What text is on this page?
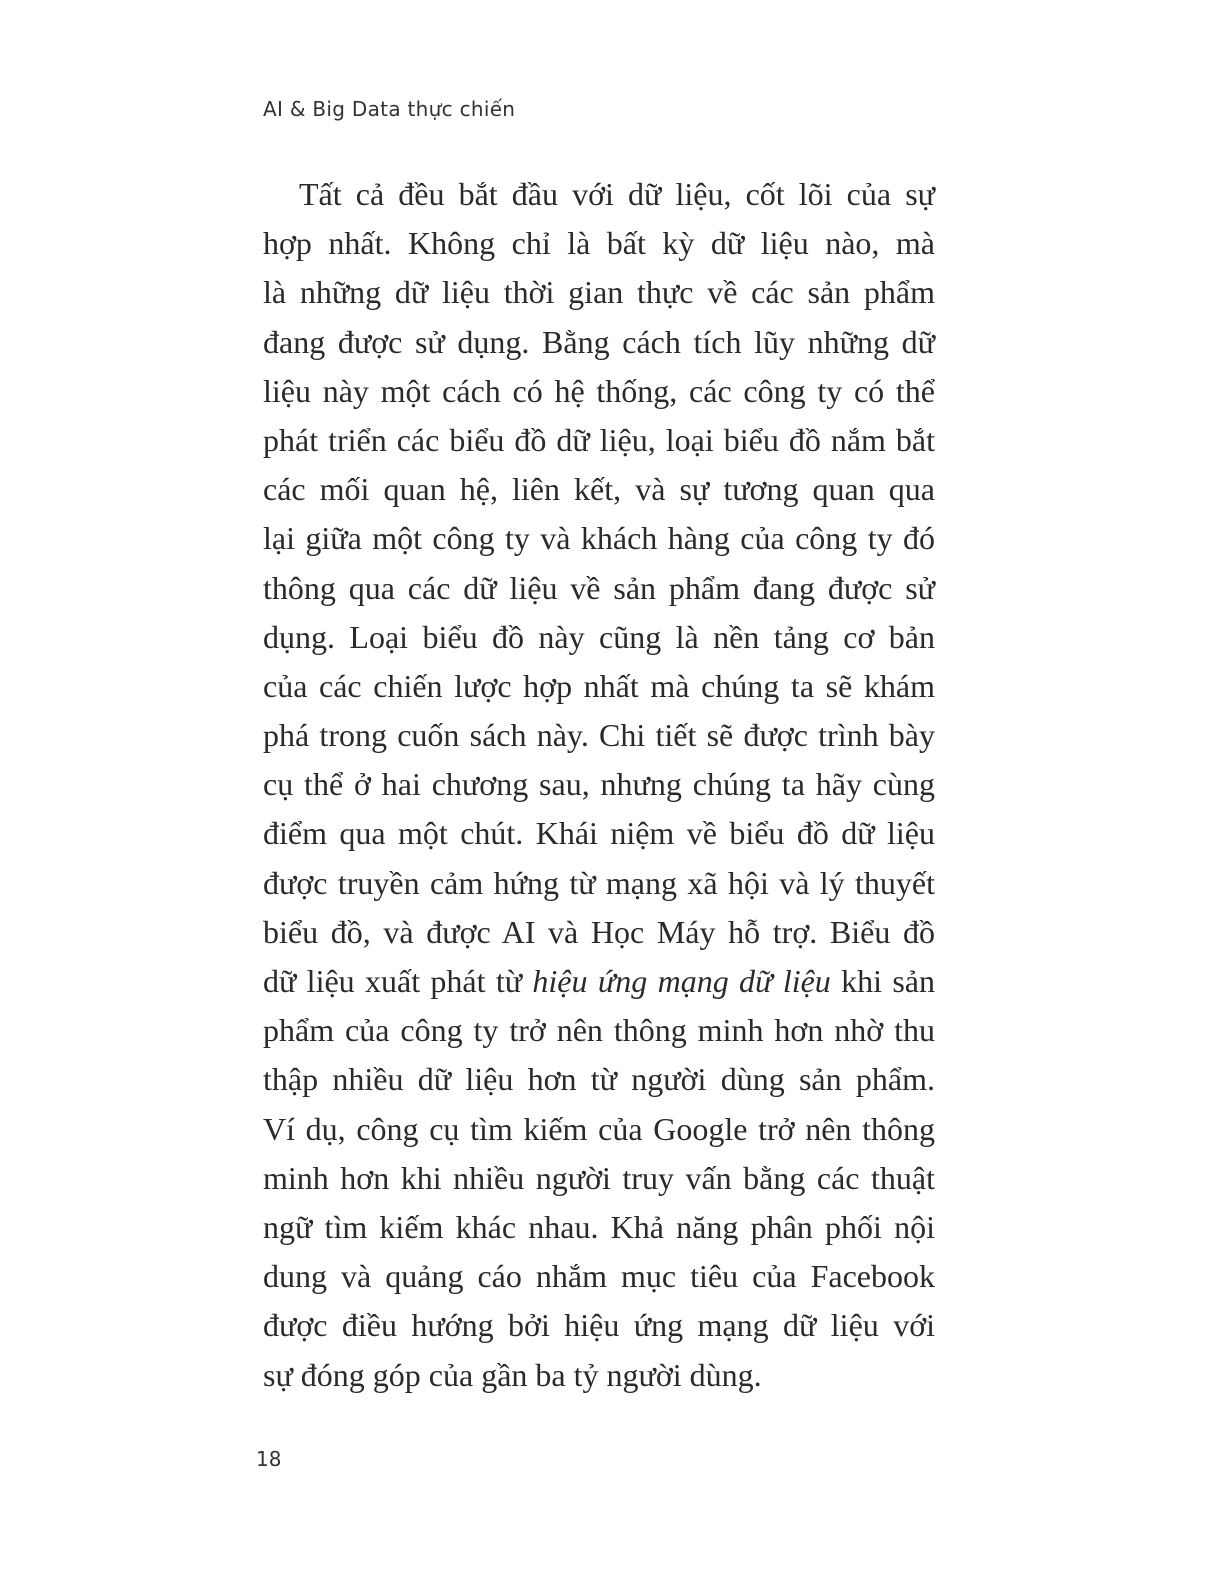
AI & Big Data thực chiến
Tất cả đều bắt đầu với dữ liệu, cốt lõi của sự
hợp nhất. Không chỉ là bất kỳ dữ liệu nào, mà
là những dữ liệu thời gian thực về các sản phẩm
đang được sử dụng. Bằng cách tích lũy những dữ
liệu này một cách có hệ thống, các công ty có thể
phát triển các biểu đồ dữ liệu, loại biểu đồ nắm bắt
các mối quan hệ, liên kết, và sự tương quan qua
lại giữa một công ty và khách hàng của công ty đó
thông qua các dữ liệu về sản phẩm đang được sử
dụng. Loại biểu đồ này cũng là nền tảng cơ bản
của các chiến lược hợp nhất mà chúng ta sẽ khám
phá trong cuốn sách này. Chi tiết sẽ được trình bày
cụ thể ở hai chương sau, nhưng chúng ta hãy cùng
điểm qua một chút. Khái niệm về biểu đồ dữ liệu
được truyền cảm hứng từ mạng xã hội và lý thuyết
biểu đồ, và được AI và Học Máy hỗ trợ. Biểu đồ
dữ liệu xuất phát từ hiệu ứng mạng dữ liệu khi sản
phẩm của công ty trở nên thông minh hơn nhờ thu
thập nhiều dữ liệu hơn từ người dùng sản phẩm.
Ví dụ, công cụ tìm kiếm của Google trở nên thông
minh hơn khi nhiều người truy vấn bằng các thuật
ngữ tìm kiếm khác nhau. Khả năng phân phối nội
dung và quảng cáo nhắm mục tiêu của Facebook
được điều hướng bởi hiệu ứng mạng dữ liệu với
sự đóng góp của gần ba tỷ người dùng.
18
